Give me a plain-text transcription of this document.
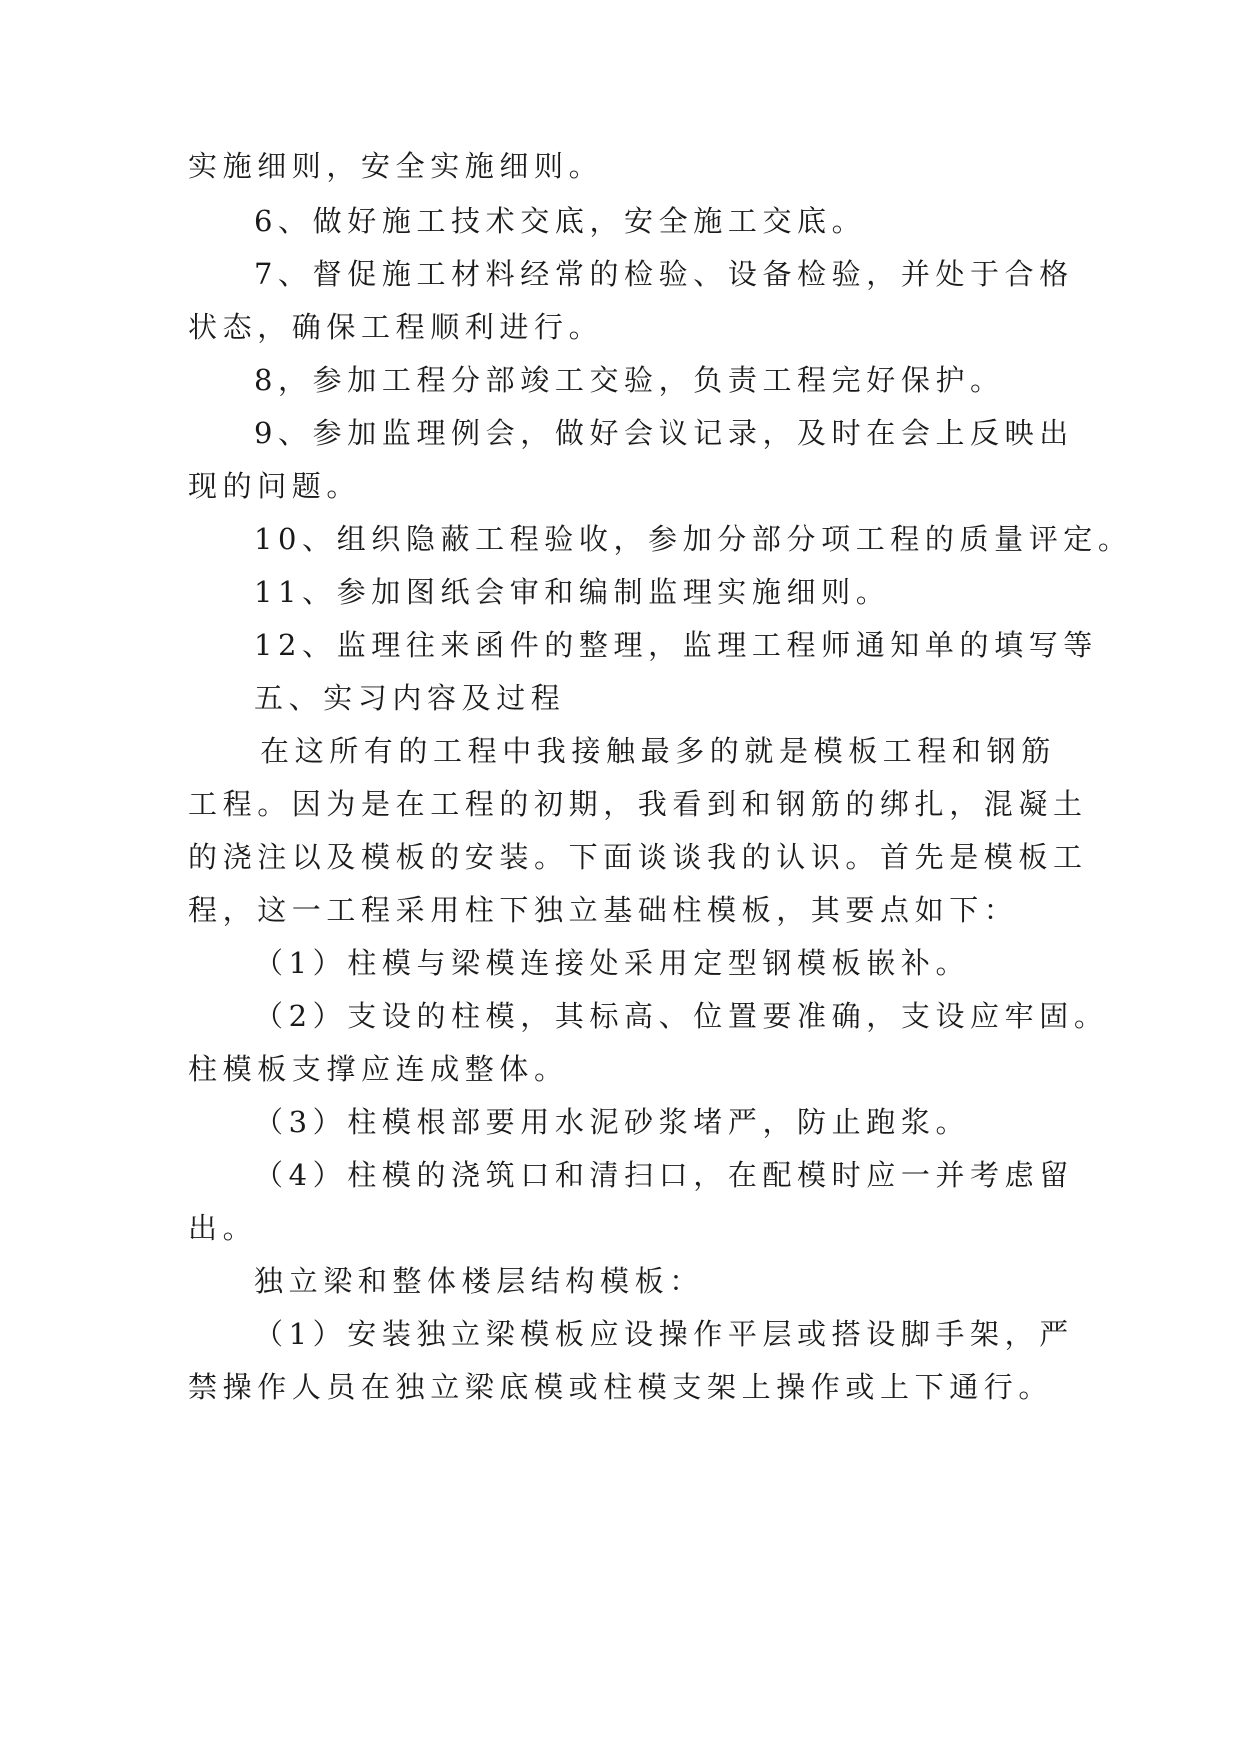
实施细则，安全实施细则。
6、做好施工技术交底，安全施工交底。
7、督促施工材料经常的检验、设备检验，并处于合格
状态，确保工程顺利进行。
8，参加工程分部竣工交验，负责工程完好保护。
9、参加监理例会，做好会议记录，及时在会上反映出
现的问题。
10、组织隐蔽工程验收，参加分部分项工程的质量评定。
11、参加图纸会审和编制监理实施细则。
12、监理往来函件的整理，监理工程师通知单的填写等
五、实习内容及过程
在这所有的工程中我接触最多的就是模板工程和钢筋
工程。因为是在工程的初期，我看到和钢筋的绑扎，混凝土
的浇注以及模板的安装。下面谈谈我的认识。首先是模板工
程，这一工程采用柱下独立基础柱模板，其要点如下：
（1）柱模与梁模连接处采用定型钢模板嵌补。
（2）支设的柱模，其标高、位置要准确，支设应牢固。
柱模板支撑应连成整体。
（3）柱模根部要用水泥砂浆堵严，防止跑浆。
（4）柱模的浇筑口和清扫口，在配模时应一并考虑留
出。
独立梁和整体楼层结构模板：
（1）安装独立梁模板应设操作平层或搭设脚手架，严
禁操作人员在独立梁底模或柱模支架上操作或上下通行。
